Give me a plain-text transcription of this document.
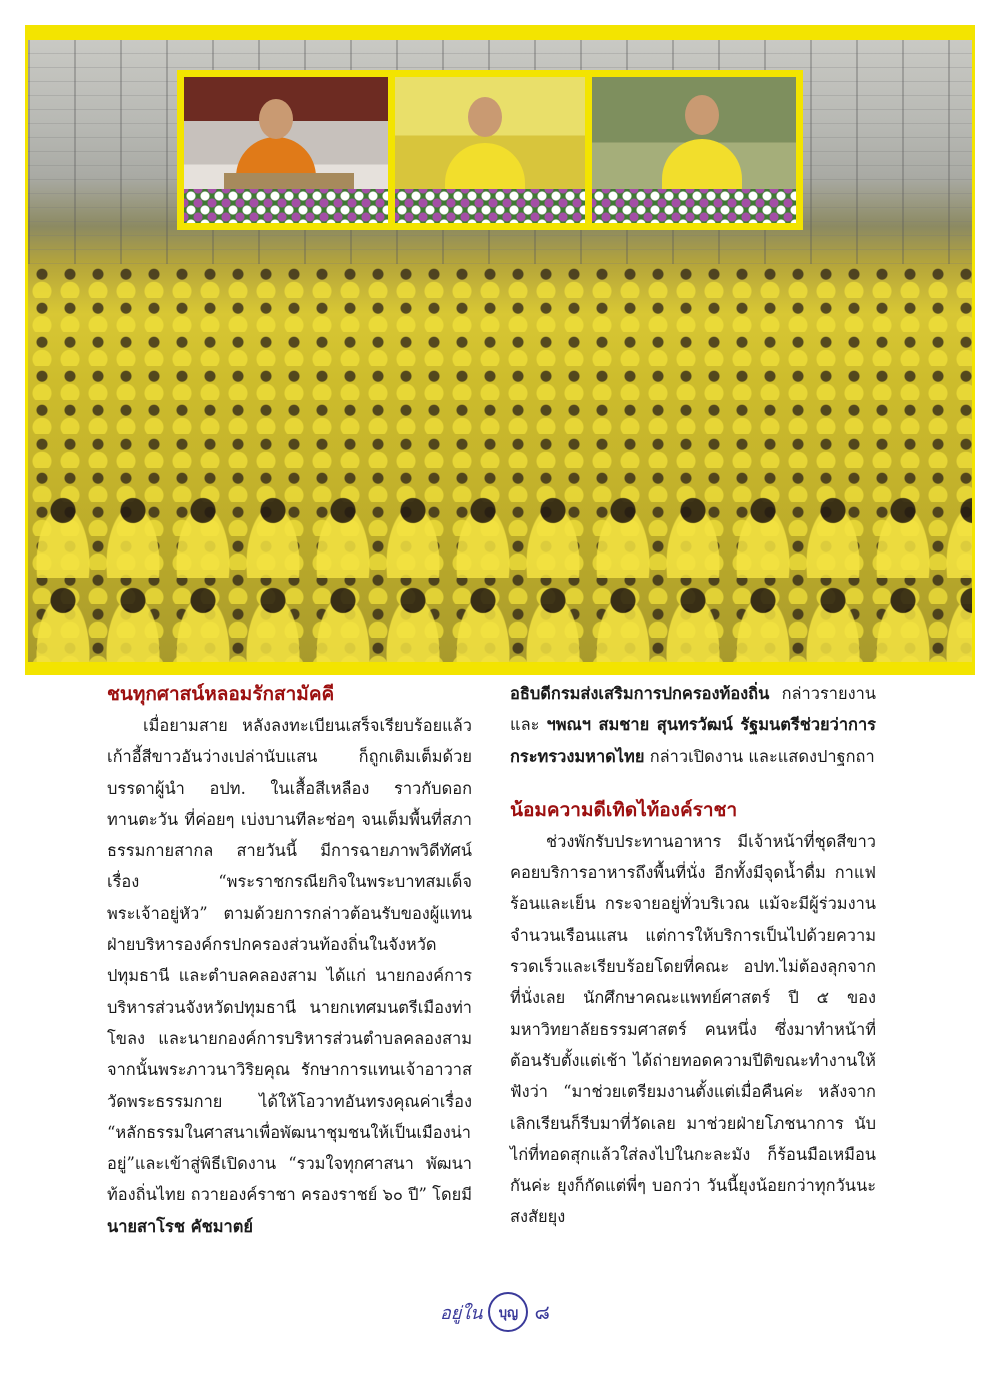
ชนทุกศาสน์หลอมรักสามัคคี

เมื่อยามสาย หลังลงทะเบียนเสร็จเรียบร้อยแล้ว เก้าอี้สีขาวอันว่างเปล่านับแสน ก็ถูกเติมเต็มด้วยบรรดาผู้นำ อปท. ในเสื้อสีเหลือง ราวกับดอกทานตะวัน ที่ค่อยๆ เบ่งบานทีละช่อๆ จนเต็มพื้นที่สภาธรรมกายสากล สายวันนี้ มีการฉายภาพวิดีทัศน์ เรื่อง “พระราชกรณียกิจในพระบาทสมเด็จพระเจ้าอยู่หัว” ตามด้วยการกล่าวต้อนรับของผู้แทนฝ่ายบริหารองค์กรปกครองส่วนท้องถิ่นในจังหวัดปทุมธานี และตำบลคลองสาม ได้แก่ นายกองค์การบริหารส่วนจังหวัดปทุมธานี นายกเทศมนตรีเมืองท่าโขลง และนายกองค์การบริหารส่วนตำบลคลองสาม จากนั้นพระภาวนาวิริยคุณ รักษาการแทนเจ้าอาวาสวัดพระธรรมกาย ได้ให้โอวาทอันทรงคุณค่าเรื่อง “หลักธรรมในศาสนาเพื่อพัฒนาชุมชนให้เป็นเมืองน่าอยู่”และเข้าสู่พิธีเปิดงาน “รวมใจทุกศาสนา พัฒนาท้องถิ่นไทย ถวายองค์ราชา ครองราชย์ ๖๐ ปี” โดยมี นายสาโรช คัชมาตย์

อธิบดีกรมส่งเสริมการปกครองท้องถิ่น กล่าวรายงาน และ ฯพณฯ สมชาย สุนทรวัฒน์ รัฐมนตรีช่วยว่าการกระทรวงมหาดไทย กล่าวเปิดงาน และแสดงปาฐกถา

น้อมความดีเทิดไท้องค์ราชา

ช่วงพักรับประทานอาหาร มีเจ้าหน้าที่ชุดสีขาว คอยบริการอาหารถึงพื้นที่นั่ง อีกทั้งมีจุดน้ำดื่ม กาแฟร้อนและเย็น กระจายอยู่ทั่วบริเวณ แม้จะมีผู้ร่วมงานจำนวนเรือนแสน แต่การให้บริการเป็นไปด้วยความรวดเร็วและเรียบร้อยโดยที่คณะ อปท.ไม่ต้องลุกจากที่นั่งเลย นักศึกษาคณะแพทย์ศาสตร์ ปี ๕ ของมหาวิทยาลัยธรรมศาสตร์ คนหนึ่ง ซึ่งมาทำหน้าที่ต้อนรับตั้งแต่เช้า ได้ถ่ายทอดความปีติขณะทำงานให้ฟังว่า “มาช่วยเตรียมงานตั้งแต่เมื่อคืนค่ะ หลังจากเลิกเรียนก็รีบมาที่วัดเลย มาช่วยฝ่ายโภชนาการ นับไก่ที่ทอดสุกแล้วใส่ลงไปในกะละมัง ก็ร้อนมือเหมือนกันค่ะ ยุงก็กัดแต่พี่ๆ บอกว่า วันนี้ยุงน้อยกว่าทุกวันนะ สงสัยยุง

อยู่ใน	บุญ ๘
